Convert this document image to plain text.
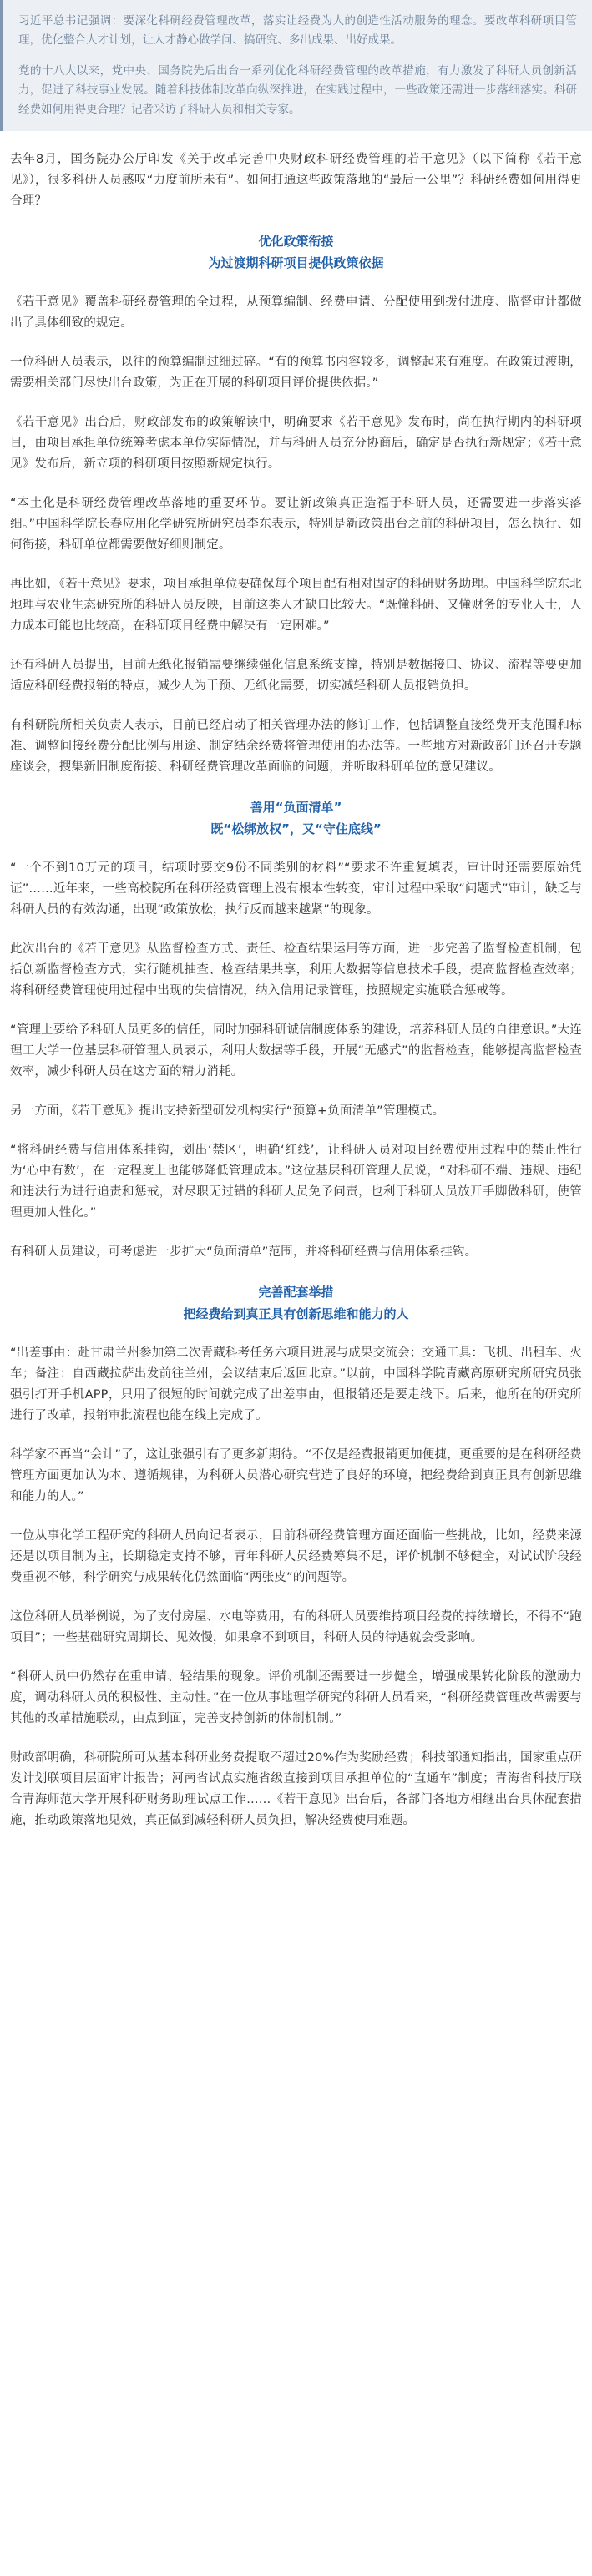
习近平总书记强调：要深化科研经费管理改革，落实让经费为人的创造性活动服务的理念。要改革科研项目管理，优化整合人才计划，让人才静心做学问、搞研究、多出成果、出好成果。

党的十八大以来，党中央、国务院先后出台一系列优化科研经费管理的改革措施，有力激发了科研人员创新活力，促进了科技事业发展。随着科技体制改革向纵深推进，在实践过程中，一些政策还需进一步落细落实。科研经费如何用得更合理？记者采访了科研人员和相关专家。

去年8月，国务院办公厅印发《关于改革完善中央财政科研经费管理的若干意见》（以下简称《若干意见》），很多科研人员感叹“力度前所未有”。如何打通这些政策落地的“最后一公里”？科研经费如何用得更合理？

优化政策衔接
为过渡期科研项目提供政策依据

《若干意见》覆盖科研经费管理的全过程，从预算编制、经费申请、分配使用到拨付进度、监督审计都做出了具体细致的规定。

一位科研人员表示，以往的预算编制过细过碎。“有的预算书内容较多，调整起来有难度。在政策过渡期，需要相关部门尽快出台政策，为正在开展的科研项目评价提供依据。”

《若干意见》出台后，财政部发布的政策解读中，明确要求《若干意见》发布时，尚在执行期内的科研项目，由项目承担单位统筹考虑本单位实际情况，并与科研人员充分协商后，确定是否执行新规定；《若干意见》发布后，新立项的科研项目按照新规定执行。

“本土化是科研经费管理改革落地的重要环节。要让新政策真正造福于科研人员，还需要进一步落实落细。”中国科学院长春应用化学研究所研究员李东表示，特别是新政策出台之前的科研项目，怎么执行、如何衔接，科研单位都需要做好细则制定。

再比如，《若干意见》要求，项目承担单位要确保每个项目配有相对固定的科研财务助理。中国科学院东北地理与农业生态研究所的科研人员反映，目前这类人才缺口比较大。“既懂科研、又懂财务的专业人士，人力成本可能也比较高，在科研项目经费中解决有一定困难。”

还有科研人员提出，目前无纸化报销需要继续强化信息系统支撑，特别是数据接口、协议、流程等要更加适应科研经费报销的特点，减少人为干预、无纸化需要，切实减轻科研人员报销负担。

有科研院所相关负责人表示，目前已经启动了相关管理办法的修订工作，包括调整直接经费开支范围和标准、调整间接经费分配比例与用途、制定结余经费将管理使用的办法等。一些地方对新政部门还召开专题座谈会，搜集新旧制度衔接、科研经费管理改革面临的问题，并听取科研单位的意见建议。

善用“负面清单”
既“松绑放权”，又“守住底线”

“一个不到10万元的项目，结项时要交9份不同类别的材料”“要求不许重复填表，审计时还需要原始凭证”……近年来，一些高校院所在科研经费管理上没有根本性转变，审计过程中采取“问题式”审计，缺乏与科研人员的有效沟通，出现“政策放松，执行反而越来越紧”的现象。

此次出台的《若干意见》从监督检查方式、责任、检查结果运用等方面，进一步完善了监督检查机制，包括创新监督检查方式，实行随机抽查、检查结果共享，利用大数据等信息技术手段，提高监督检查效率；将科研经费管理使用过程中出现的失信情况，纳入信用记录管理，按照规定实施联合惩戒等。

“管理上要给予科研人员更多的信任，同时加强科研诚信制度体系的建设，培养科研人员的自律意识。”大连理工大学一位基层科研管理人员表示，利用大数据等手段，开展“无感式”的监督检查，能够提高监督检查效率，减少科研人员在这方面的精力消耗。

另一方面，《若干意见》提出支持新型研发机构实行“预算+负面清单”管理模式。

“将科研经费与信用体系挂钩，划出‘禁区’，明确‘红线’，让科研人员对项目经费使用过程中的禁止性行为‘心中有数’，在一定程度上也能够降低管理成本。”这位基层科研管理人员说，“对科研不端、违规、违纪和违法行为进行追责和惩戒，对尽职无过错的科研人员免予问责，也利于科研人员放开手脚做科研，使管理更加人性化。”

有科研人员建议，可考虑进一步扩大“负面清单”范围，并将科研经费与信用体系挂钩。

完善配套举措
把经费给到真正具有创新思维和能力的人

“出差事由：赴甘肃兰州参加第二次青藏科考任务六项目进展与成果交流会；交通工具：飞机、出租车、火车；备注：自西藏拉萨出发前往兰州，会议结束后返回北京。”以前，中国科学院青藏高原研究所研究员张强引打开手机APP，只用了很短的时间就完成了出差事由，但报销还是要走线下。后来，他所在的研究所进行了改革，报销审批流程也能在线上完成了。

科学家不再当“会计”了，这让张强引有了更多新期待。“不仅是经费报销更加便捷，更重要的是在科研经费管理方面更加认为本、遵循规律，为科研人员潜心研究营造了良好的环境，把经费给到真正具有创新思维和能力的人。”

一位从事化学工程研究的科研人员向记者表示，目前科研经费管理方面还面临一些挑战，比如，经费来源还是以项目制为主，长期稳定支持不够，青年科研人员经费筹集不足，评价机制不够健全，对试试阶段经费重视不够，科学研究与成果转化仍然面临“两张皮”的问题等。

这位科研人员举例说，为了支付房屋、水电等费用，有的科研人员要维持项目经费的持续增长，不得不“跑项目”；一些基础研究周期长、见效慢，如果拿不到项目，科研人员的待遇就会受影响。

“科研人员中仍然存在重申请、轻结果的现象。评价机制还需要进一步健全，增强成果转化阶段的激励力度，调动科研人员的积极性、主动性。”在一位从事地理学研究的科研人员看来，“科研经费管理改革需要与其他的改革措施联动，由点到面，完善支持创新的体制机制。”

财政部明确，科研院所可从基本科研业务费提取不超过20%作为奖励经费；科技部通知指出，国家重点研发计划联项目层面审计报告；河南省试点实施省级直接到项目承担单位的“直通车”制度；青海省科技厅联合青海师范大学开展科研财务助理试点工作……《若干意见》出台后，各部门各地方相继出台具体配套措施，推动政策落地见效，真正做到减轻科研人员负担，解决经费使用难题。
